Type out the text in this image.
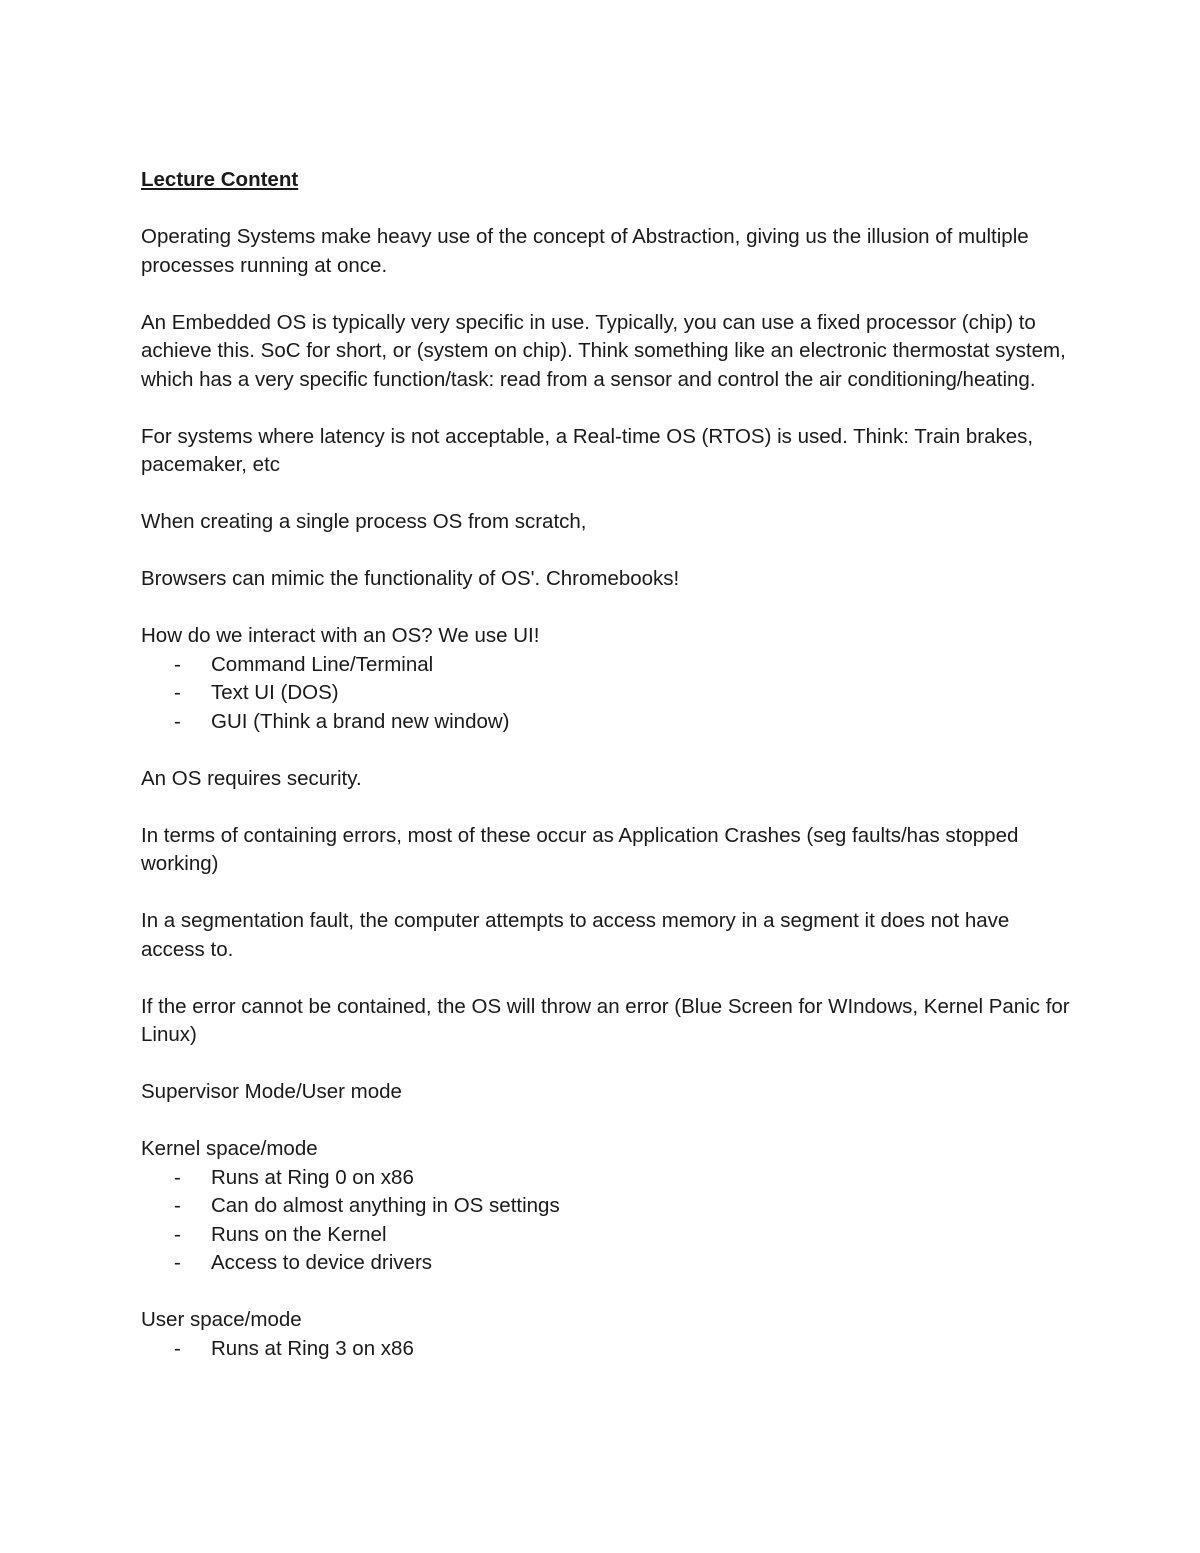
Lecture Content
Operating Systems make heavy use of the concept of Abstraction, giving us the illusion of multiple processes running at once.
An Embedded OS is typically very specific in use. Typically, you can use a fixed processor (chip) to achieve this. SoC for short, or (system on chip). Think something like an electronic thermostat system, which has a very specific function/task: read from a sensor and control the air conditioning/heating.
For systems where latency is not acceptable, a Real-time OS (RTOS) is used. Think: Train brakes, pacemaker, etc
When creating a single process OS from scratch,
Browsers can mimic the functionality of OS'. Chromebooks!
How do we interact with an OS? We use UI!
- Command Line/Terminal
- Text UI (DOS)
- GUI (Think a brand new window)
An OS requires security.
In terms of containing errors, most of these occur as Application Crashes (seg faults/has stopped working)
In a segmentation fault, the computer attempts to access memory in a segment it does not have access to.
If the error cannot be contained, the OS will throw an error (Blue Screen for WIndows, Kernel Panic for Linux)
Supervisor Mode/User mode
Kernel space/mode
- Runs at Ring 0 on x86
- Can do almost anything in OS settings
- Runs on the Kernel
- Access to device drivers
User space/mode
- Runs at Ring 3 on x86
